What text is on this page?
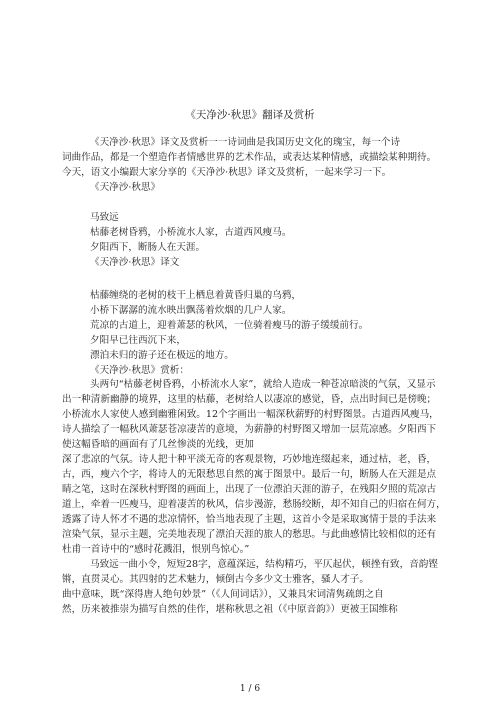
《天净沙·秋思》翻译及赏析

《天净沙·秋思》译文及赏析一一诗词曲是我国历史文化的瑰宝，每一个诗

词曲作品，都是一个塑造作者情感世界的艺术作品，或表达某种情感，或描绘某种期待。

今天，语文小编跟大家分享的《天净沙·秋思》译文及赏析，一起来学习一下。

《天净沙·秋思》

马致远

枯藤老树昏鸦，小桥流水人家，古道西风瘦马。

夕阳西下，断肠人在天涯。

《天净沙·秋思》译文

枯藤缠绕的老树的枝干上栖息着黄昏归巢的乌鸦，

小桥下潺潺的流水映出飘荡着炊烟的几户人家。

荒凉的古道上，迎着萧瑟的秋风，一位骑着瘦马的游子缓缓前行。

夕阳早已往西沉下来，

漂泊未归的游子还在极远的地方。

《天净沙·秋思》赏析：

头两句“枯藤老树昏鸦，小桥流水人家”，就给人造成一种苍凉暗淡的气氛，又显示

出一种清新幽静的境界，这里的枯藤，老树给人以凄凉的感觉，昏，点出时间已是傍晚；

小桥流水人家使人感到幽雅闲致。12个字画出一幅深秋薪野的村野图景。古道西风瘦马，

诗人描绘了一幅秋风萧瑟苍凉凄苦的意境，为薪静的村野图又增加一层荒凉感。夕阳西下

使这幅昏暗的画面有了几丝惨淡的光线，更加

深了悲凉的气氛。诗人把十种平淡无奇的客观景物，巧妙地连缀起来，通过枯，老，昏，

古，西，瘦六个字，将诗人的无限愁思自然的寓于图景中。最后一句，断肠人在天涯是点

睛之笔，这时在深秋村野图的画面上，出现了一位漂泊天涯的游子，在残阳夕照的荒凉古

道上，牵着一匹瘦马，迎着凄苦的秋风，信步漫游，愁肠绞断，却不知自己的归宿在何方，

透露了诗人怀才不遇的悲凉情怀，恰当地表现了主题，这首小令是采取寓情于景的手法来

渲染气氛，显示主题，完美地表现了漂泊天涯的旅人的愁思。与此曲感情比较相似的还有

杜甫一首诗中的“感时花溅泪，恨别鸟惊心。”

马致远一曲小令，短短28字，意蕴深远，结构精巧，平仄起伏，顿挫有致，音韵铿

锵，直贯灵心。其四射的艺术魅力，倾倒古今多少文士雅客，骚人才子。

曲中意味，既“深得唐人绝句妙景”（《人间词话》），又兼具宋词清隽疏朗之自

然，历来被推崇为描写自然的佳作，堪称秋思之祖（《中原音韵》）更被王国维称

1 / 6
